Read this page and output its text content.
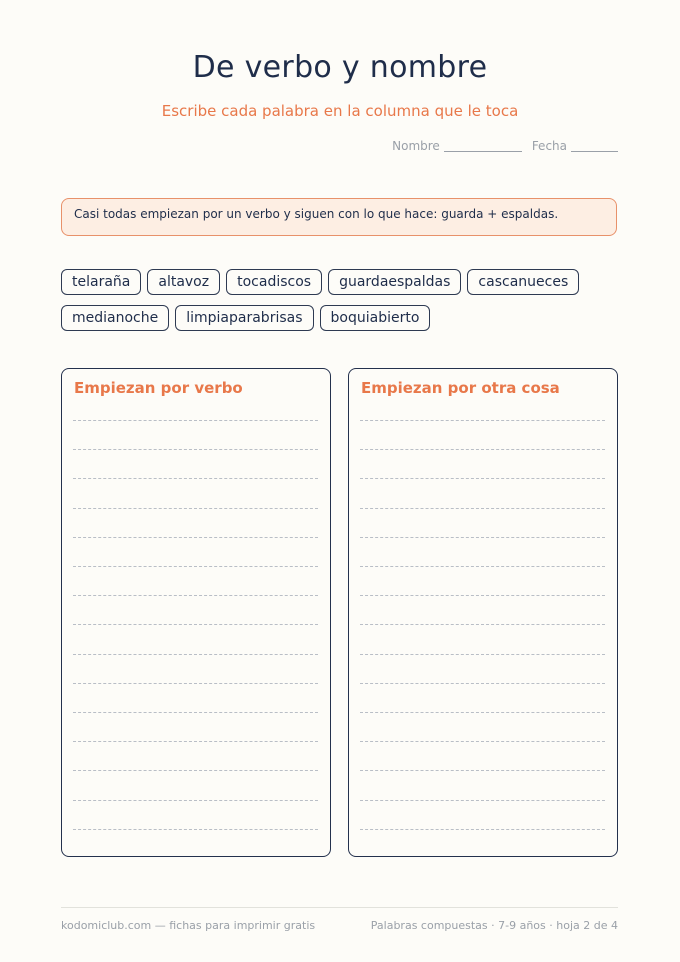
De verbo y nombre
Escribe cada palabra en la columna que le toca
Nombre	Fecha
Casi todas empiezan por un verbo y siguen con lo que hace: guarda + espaldas.
telaraña	altavoz	tocadiscos	guardaespaldas	cascanueces
medianoche	limpiaparabrisas	boquiabierto
Empiezan por verbo	Empiezan por otra cosa
kodomiclub.com — fichas para imprimir gratis	Palabras compuestas · 7-9 años · hoja 2 de 4
